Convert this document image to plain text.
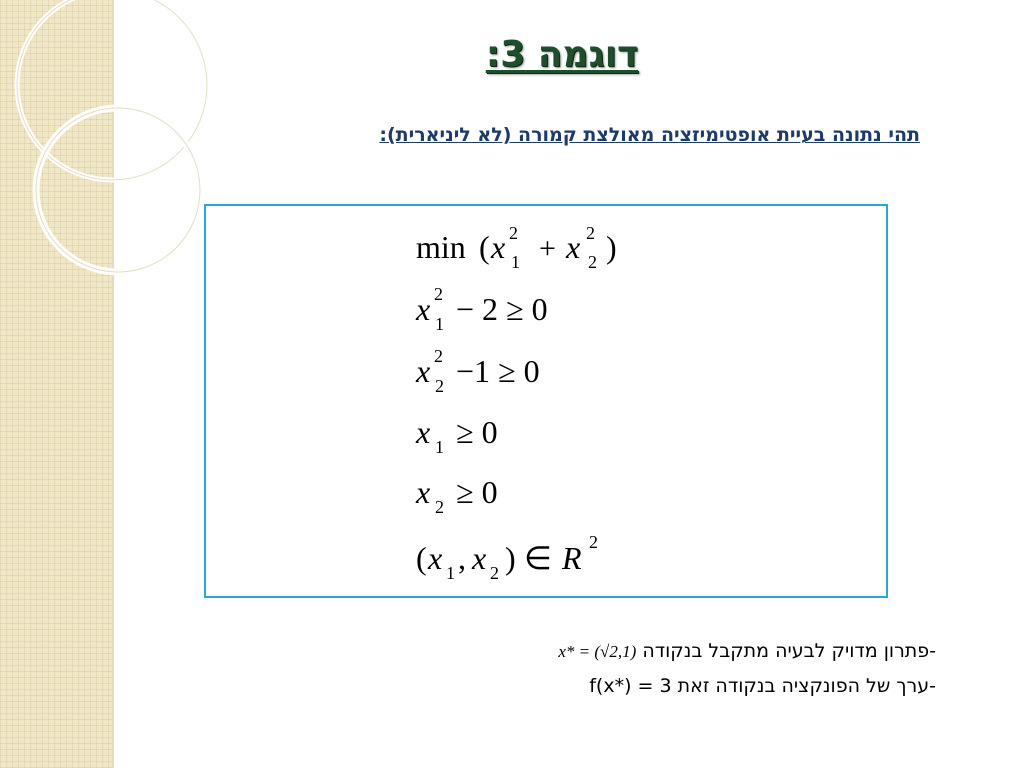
דוגמה 3:
תהי נתונה בעיית אופטימיזציה מאולצת קמורה (לא ליניארית):
min ( x 2
1 + x 2
2 )
x 2
1 − 2 ≥ 0
x 2
2 −1 ≥ 0
x 1 ≥ 0
x 2 ≥ 0
( x 1 , x 2 ) ∈ R 2
-פתרון מדויק לבעיה מתקבל בנקודה x* = (√2,1)
-ערך של הפונקציה בנקודה זאת f(x*) = 3
